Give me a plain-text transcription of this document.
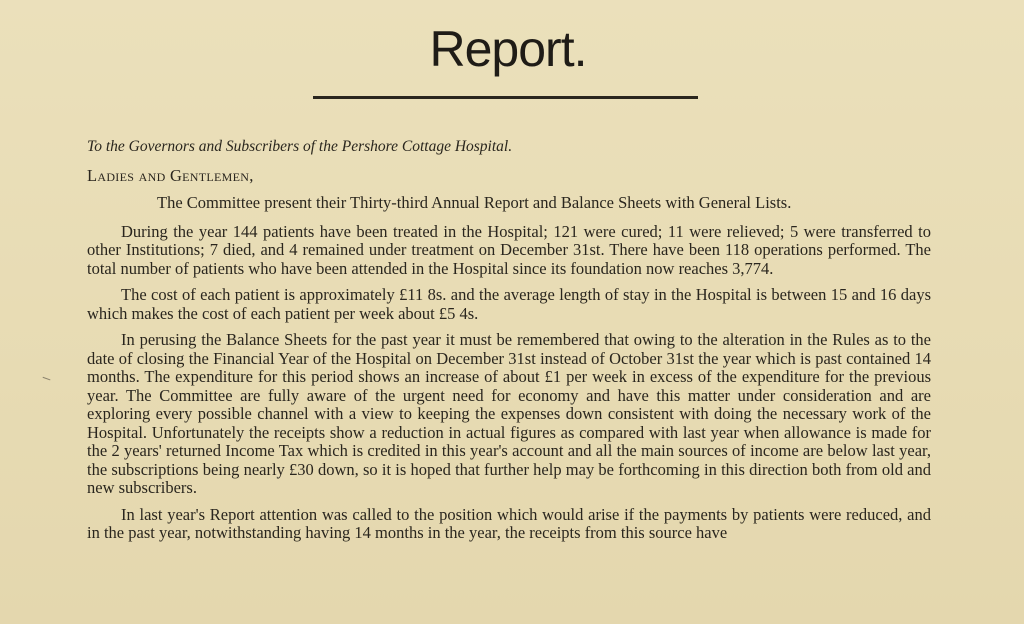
Report.
To the Governors and Subscribers of the Pershore Cottage Hospital.
Ladies and Gentlemen,

The Committee present their Thirty-third Annual Report and Balance Sheets with General Lists.

During the year 144 patients have been treated in the Hospital; 121 were cured; 11 were relieved; 5 were transferred to other Institutions; 7 died, and 4 remained under treatment on December 31st. There have been 118 operations performed. The total number of patients who have been attended in the Hospital since its foundation now reaches 3,774.

The cost of each patient is approximately £11 8s. and the average length of stay in the Hospital is between 15 and 16 days which makes the cost of each patient per week about £5 4s.

In perusing the Balance Sheets for the past year it must be remembered that owing to the alteration in the Rules as to the date of closing the Financial Year of the Hospital on December 31st instead of October 31st the year which is past contained 14 months. The expenditure for this period shows an increase of about £1 per week in excess of the expenditure for the previous year. The Committee are fully aware of the urgent need for economy and have this matter under consideration and are exploring every possible channel with a view to keeping the expenses down consistent with doing the necessary work of the Hospital. Unfortunately the receipts show a reduction in actual figures as compared with last year when allowance is made for the 2 years' returned Income Tax which is credited in this year's account and all the main sources of income are below last year, the subscriptions being nearly £30 down, so it is hoped that further help may be forthcoming in this direction both from old and new subscribers.

In last year's Report attention was called to the position which would arise if the payments by patients were reduced, and in the past year, notwithstanding having 14 months in the year, the receipts from this source have
